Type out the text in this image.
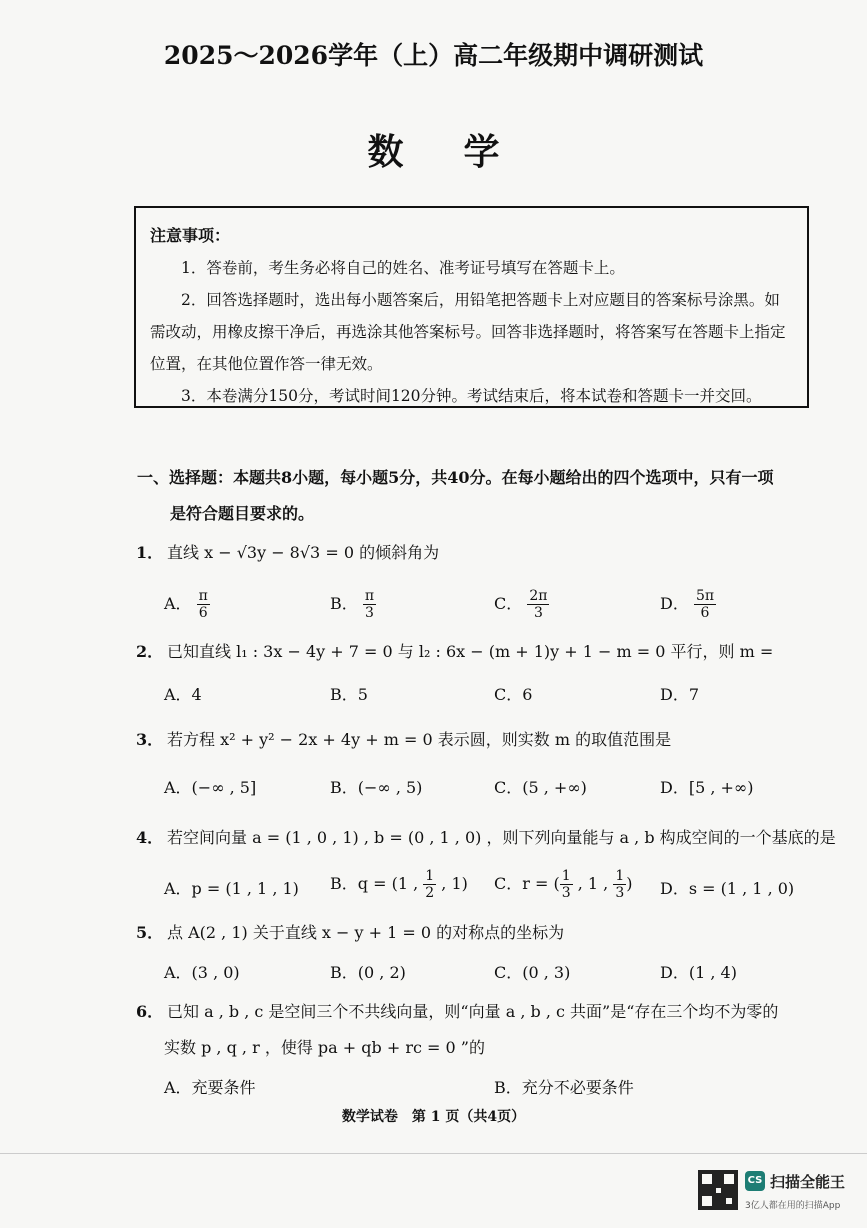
2025～2026学年（上）高二年级期中调研测试
数学
注意事项：

1．答卷前，考生务必将自己的姓名、准考证号填写在答题卡上。

2．回答选择题时，选出每小题答案后，用铅笔把答题卡上对应题目的答案标号涂黑。如需改动，用橡皮擦干净后，再选涂其他答案标号。回答非选择题时，将答案写在答题卡上指定位置，在其他位置作答一律无效。

3．本卷满分150分，考试时间120分钟。考试结束后，将本试卷和答题卡一并交回。

一、选择题：本题共8小题，每小题5分，共40分。在每小题给出的四个选项中，只有一项
是符合题目要求的。
1． 直线 x − √3y − 8√3 = 0 的倾斜角为
A． $\frac{\pi}{6}$	B． $\frac{\pi}{3}$	C． $\frac{2\pi}{3}$	D． $\frac{5\pi}{6}$
2． 已知直线 l₁ : 3x − 4y + 7 = 0 与 l₂ : 6x − (m + 1)y + 1 − m = 0 平行，则 m =
A．4	B．5	C．6	D．7
3． 若方程 x² + y² − 2x + 4y + m = 0 表示圆，则实数 m 的取值范围是
A．(−∞ , 5]	B．(−∞ , 5)	C．(5 , +∞)	D．[5 , +∞)
4． 若空间向量 a = (1 , 0 , 1) , b = (0 , 1 , 0) ，则下列向量能与 a , b 构成空间的一个基底的是
A．p = (1 , 1 , 1) B．q = (1 , $\frac{1}{2}$ , 1) C．r = ( $\frac{1}{3}$ , 1 , $\frac{1}{3}$ ) D．s = (1 , 1 , 0)
5． 点 A(2 , 1) 关于直线 x − y + 1 = 0 的对称点的坐标为
A．(3 , 0)	B．(0 , 2)	C．(0 , 3)	D．(1 , 4)
6． 已知 a , b , c 是空间三个不共线向量，则“向量 a , b , c 共面”是“存在三个均不为零的
实数 p , q , r ，使得 pa + qb + rc = 0 ”的
A．充要条件	B．充分不必要条件
数学试卷　第 1 页（共4页）
CS 扫描全能王
3亿人都在用的扫描App
